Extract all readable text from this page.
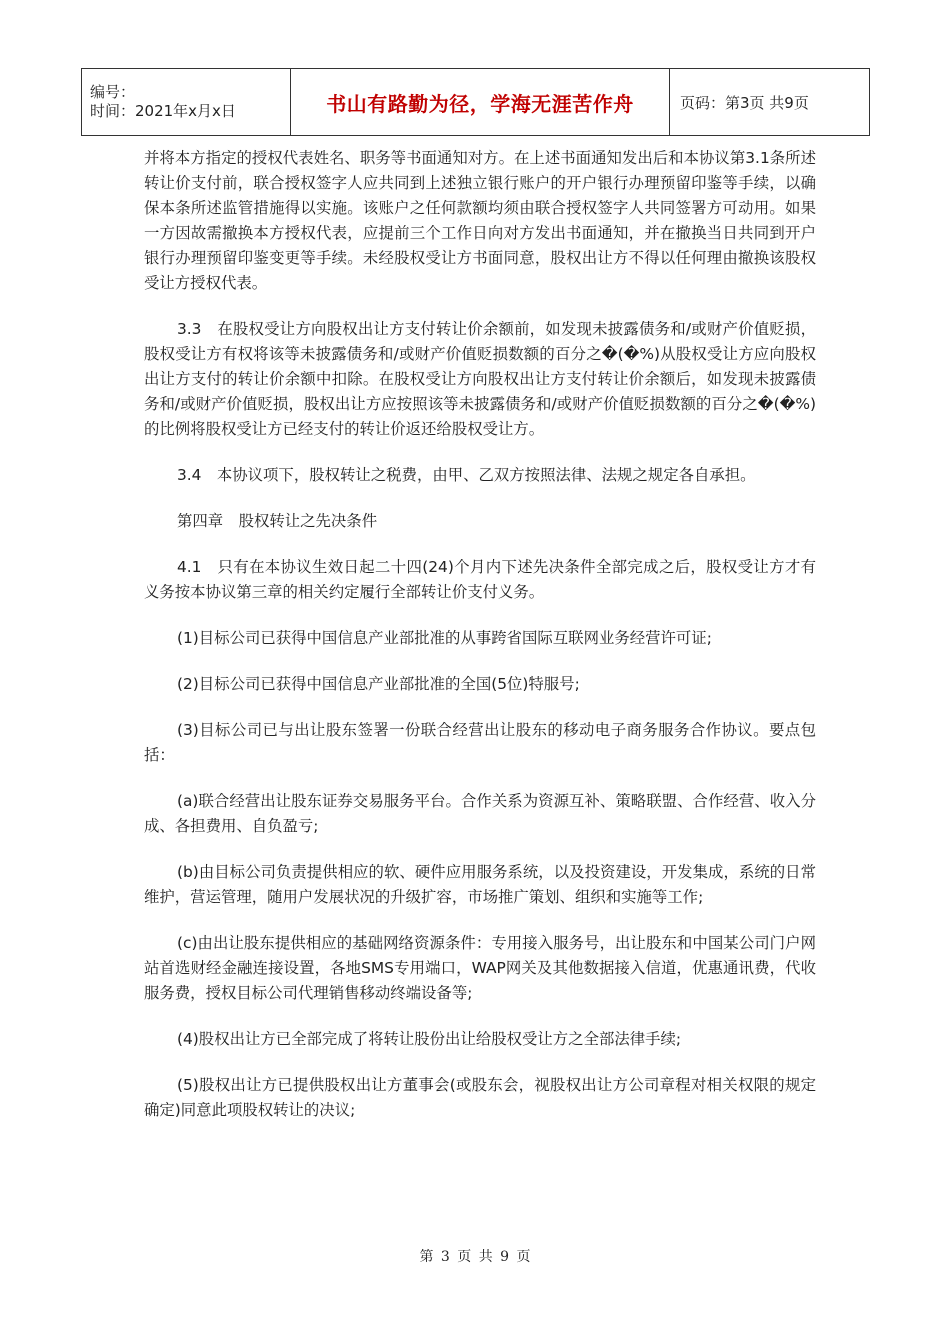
编号：
时间：2021年x月x日	书山有路勤为径，学海无涯苦作舟	页码：第3页 共9页

并将本方指定的授权代表姓名、职务等书面通知对方。在上述书面通知发出后和本协议第3.1条所述转让价支付前，联合授权签字人应共同到上述独立银行账户的开户银行办理预留印鉴等手续，以确保本条所述监管措施得以实施。该账户之任何款额均须由联合授权签字人共同签署方可动用。如果一方因故需撤换本方授权代表，应提前三个工作日向对方发出书面通知，并在撤换当日共同到开户银行办理预留印鉴变更等手续。未经股权受让方书面同意，股权出让方不得以任何理由撤换该股权受让方授权代表。

3.3　在股权受让方向股权出让方支付转让价余额前，如发现未披露债务和/或财产价值贬损，股权受让方有权将该等未披露债务和/或财产价值贬损数额的百分之�(�%)从股权受让方应向股权出让方支付的转让价余额中扣除。在股权受让方向股权出让方支付转让价余额后，如发现未披露债务和/或财产价值贬损，股权出让方应按照该等未披露债务和/或财产价值贬损数额的百分之�(�%)的比例将股权受让方已经支付的转让价返还给股权受让方。

3.4　本协议项下，股权转让之税费，由甲、乙双方按照法律、法规之规定各自承担。

第四章　股权转让之先决条件

4.1　只有在本协议生效日起二十四(24)个月内下述先决条件全部完成之后，股权受让方才有义务按本协议第三章的相关约定履行全部转让价支付义务。

(1)目标公司已获得中国信息产业部批准的从事跨省国际互联网业务经营许可证;

(2)目标公司已获得中国信息产业部批准的全国(5位)特服号;

(3)目标公司已与出让股东签署一份联合经营出让股东的移动电子商务服务合作协议。要点包括：

(a)联合经营出让股东证券交易服务平台。合作关系为资源互补、策略联盟、合作经营、收入分成、各担费用、自负盈亏;

(b)由目标公司负责提供相应的软、硬件应用服务系统，以及投资建设，开发集成，系统的日常维护，营运管理，随用户发展状况的升级扩容，市场推广策划、组织和实施等工作;

(c)由出让股东提供相应的基础网络资源条件：专用接入服务号，出让股东和中国某公司门户网站首选财经金融连接设置，各地SMS专用端口，WAP网关及其他数据接入信道，优惠通讯费，代收服务费，授权目标公司代理销售移动终端设备等;

(4)股权出让方已全部完成了将转让股份出让给股权受让方之全部法律手续;

(5)股权出让方已提供股权出让方董事会(或股东会，视股权出让方公司章程对相关权限的规定确定)同意此项股权转让的决议;

第 3 页 共 9 页
